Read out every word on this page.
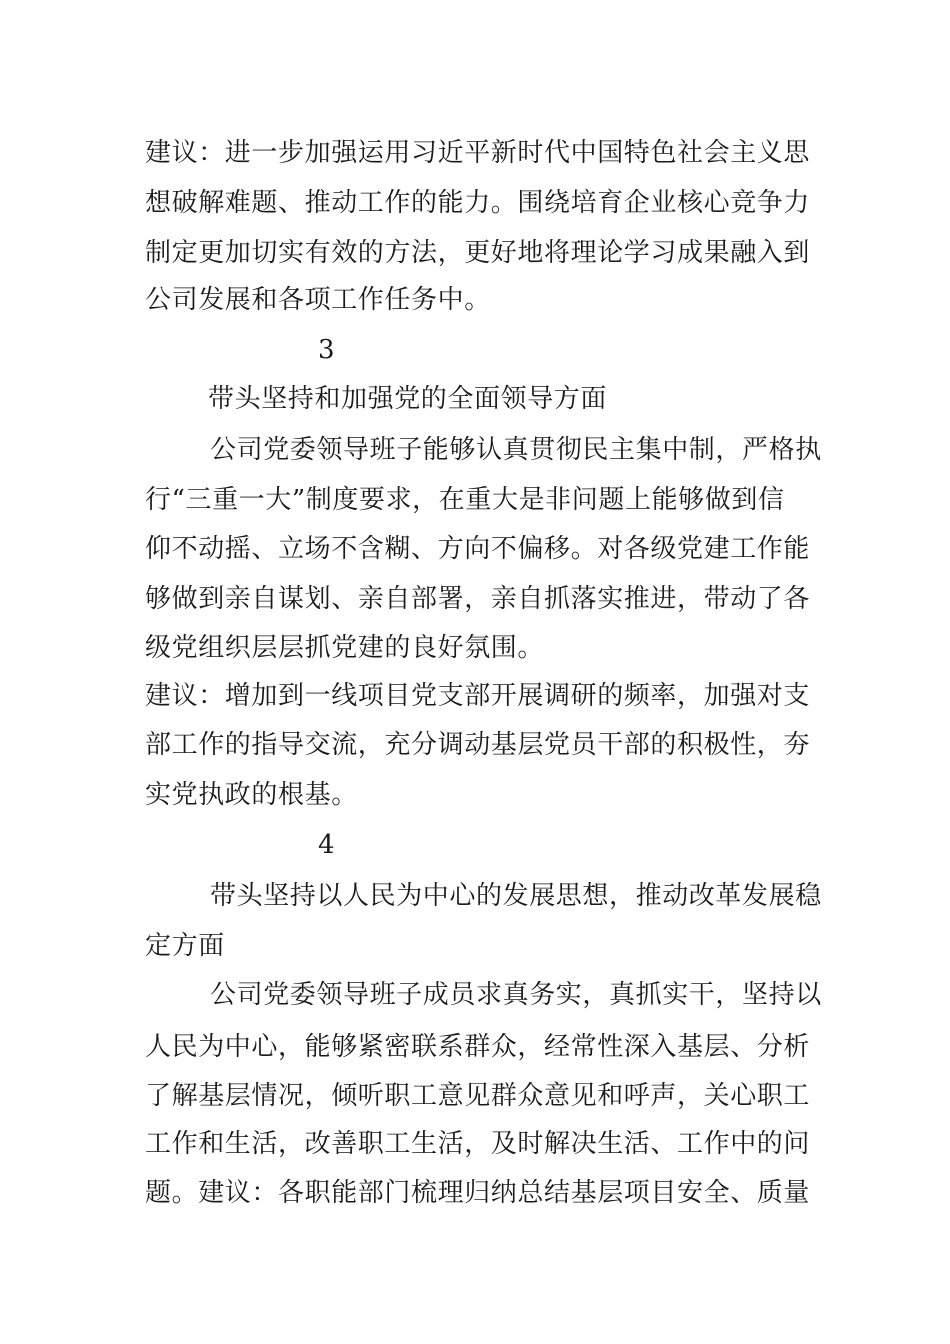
建议：进一步加强运用习近平新时代中国特色社会主义思
想破解难题、推动工作的能力。围绕培育企业核心竞争力
制定更加切实有效的方法，更好地将理论学习成果融入到
公司发展和各项工作任务中。
3
带头坚持和加强党的全面领导方面
公司党委领导班子能够认真贯彻民主集中制，严格执
行“三重一大”制度要求，在重大是非问题上能够做到信
仰不动摇、立场不含糊、方向不偏移。对各级党建工作能
够做到亲自谋划、亲自部署，亲自抓落实推进，带动了各
级党组织层层抓党建的良好氛围。
建议：增加到一线项目党支部开展调研的频率，加强对支
部工作的指导交流，充分调动基层党员干部的积极性，夯
实党执政的根基。
4
带头坚持以人民为中心的发展思想，推动改革发展稳
定方面
公司党委领导班子成员求真务实，真抓实干，坚持以
人民为中心，能够紧密联系群众，经常性深入基层、分析
了解基层情况，倾听职工意见群众意见和呼声，关心职工
工作和生活，改善职工生活，及时解决生活、工作中的问
题。建议：各职能部门梳理归纳总结基层项目安全、质量
